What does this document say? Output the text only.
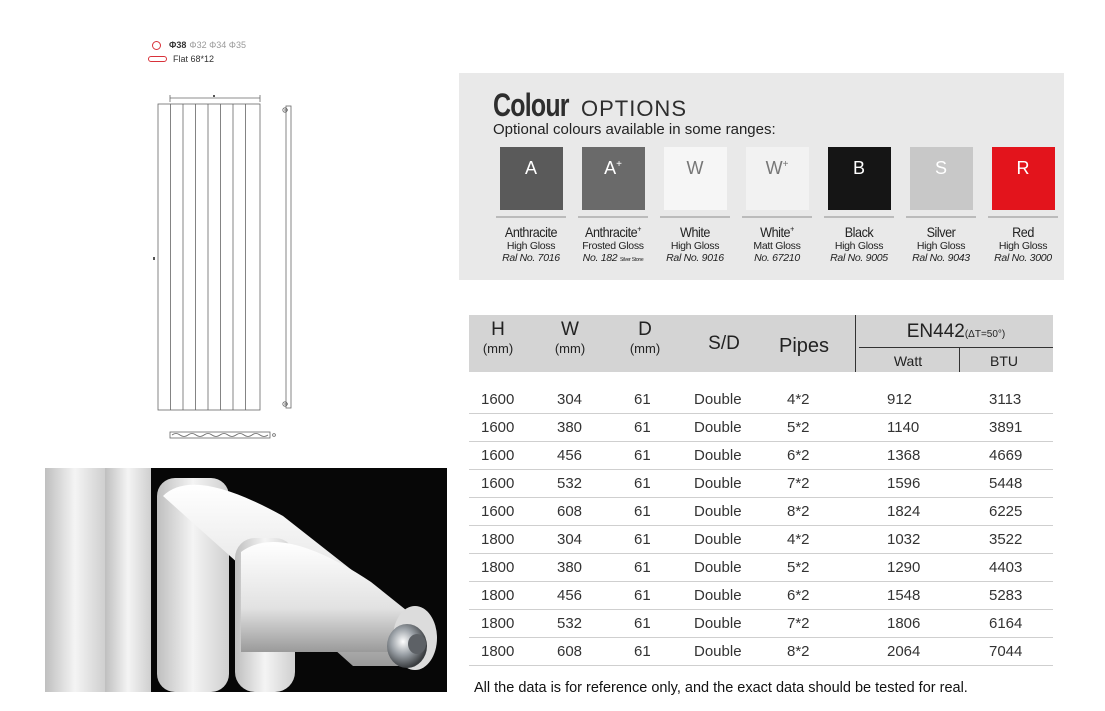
Φ38 Φ32 Φ34 Φ35
Flat 68*12
Colour OPTIONS
Optional colours available in some ranges:
A
Anthracite
High Gloss
Ral No. 7016
A+
Anthracite+
Frosted Gloss
No. 182 Silver Stone
W
White
High Gloss
Ral No. 9016
W+
White+
Matt Gloss
No. 67210
B
Black
High Gloss
Ral No. 9005
S
Silver
High Gloss
Ral No. 9043
R
Red
High Gloss
Ral No. 3000
H
(mm)
W
(mm)
D
(mm)	S/D	Pipes
EN442(ΔT=50°)
Watt	BTU
1600	304	61	Double	4*2	912	3113
1600	380	61	Double	5*2	1140	3891
1600	456	61	Double	6*2	1368	4669
1600	532	61	Double	7*2	1596	5448
1600	608	61	Double	8*2	1824	6225
1800	304	61	Double	4*2	1032	3522
1800	380	61	Double	5*2	1290	4403
1800	456	61	Double	6*2	1548	5283
1800	532	61	Double	7*2	1806	6164
1800	608	61	Double	8*2	2064	7044
All the data is for reference only, and the exact data should be tested for real.
